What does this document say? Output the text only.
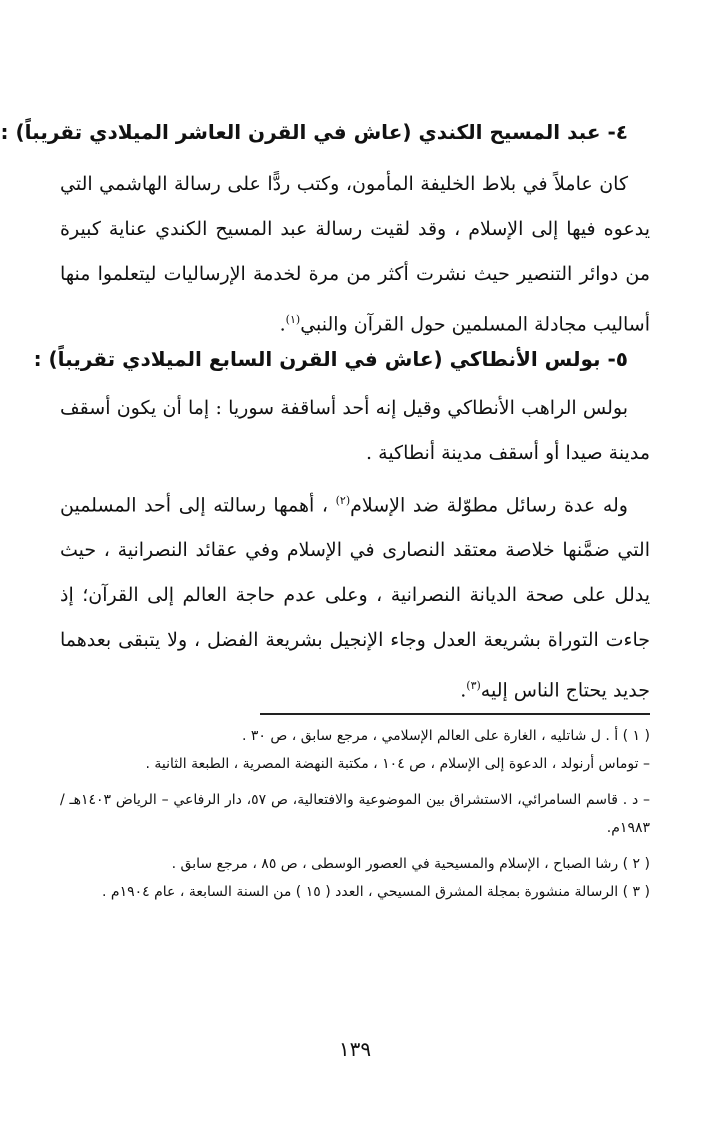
٤- عبد المسيح الكندي (عاش في القرن العاشر الميلادي تقريباً) :

كان عاملاً في بلاط الخليفة المأمون، وكتب ردًّا على رسالة الهاشمي التي يدعوه فيها إلى الإسلام ، وقد لقيت رسالة عبد المسيح الكندي عناية كبيرة من دوائر التنصير حيث نشرت أكثر من مرة لخدمة الإرساليات ليتعلموا منها أساليب مجادلة المسلمين حول القرآن والنبي$^{(١)}$.

٥- بولس الأنطاكي (عاش في القرن السابع الميلادي تقريباً) :

بولس الراهب الأنطاكي وقيل إنه أحد أساقفة سوريا : إما أن يكون أسقف مدينة صيدا أو أسقف مدينة أنطاكية .

وله عدة رسائل مطوّلة ضد الإسلام$^{(٢)}$ ، أهمها رسالته إلى أحد المسلمين التي ضمَّنها خلاصة معتقد النصارى في الإسلام وفي عقائد النصرانية ، حيث يدلل على صحة الديانة النصرانية ، وعلى عدم حاجة العالم إلى القرآن؛ إذ جاءت التوراة بشريعة العدل وجاء الإنجيل بشريعة الفضل ، ولا يتبقى بعدهما جديد يحتاج الناس إليه$^{(٣)}$.

( ١ ) أ . ل شاتليه ، الغارة على العالم الإسلامي ، مرجع سابق ، ص ٣٠ .

– توماس أرنولد ، الدعوة إلى الإسلام ، ص ١٠٤ ، مكتبة النهضة المصرية ، الطبعة الثانية .

– د . قاسم السامرائي، الاستشراق بين الموضوعية والافتعالية، ص ٥٧، دار الرفاعي – الرياض ١٤٠٣هـ / ١٩٨٣م.

( ٢ ) رشا الصباح ، الإسلام والمسيحية في العصور الوسطى ، ص ٨٥ ، مرجع سابق .

( ٣ ) الرسالة منشورة بمجلة المشرق المسيحي ، العدد ( ١٥ ) من السنة السابعة ، عام ١٩٠٤م .

١٣٩
